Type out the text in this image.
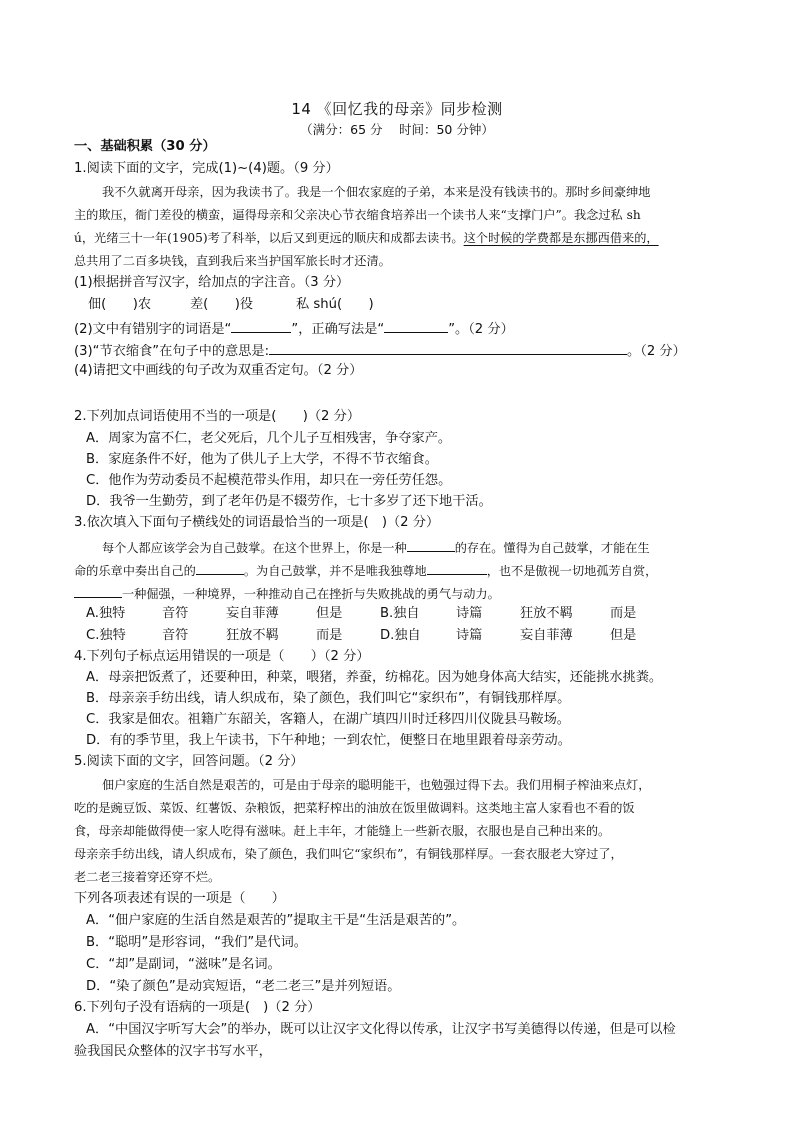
14 《回忆我的母亲》同步检测
（满分：65 分　 时间：50 分钟）
一、基础积累（30 分）
1.阅读下面的文字，完成(1)~(4)题。（9 分）
我不久就离开母亲，因为我读书了。我是一个佃农家庭的子弟，本来是没有钱读书的。那时乡间豪绅地
主的欺压，衙门差役的横蛮，逼得母亲和父亲决心节衣缩食培养出一个读书人来“支撑门户”。我念过私 sh
ú，光绪三十一年(1905)考了科举，以后又到更远的顺庆和成都去读书。这个时候的学费都是东挪西借来的，
总共用了二百多块钱，直到我后来当护国军旅长时才还清。
(1)根据拼音写汉字，给加点的字注音。（3 分）
佃(　　)农	差(　　)役	私 shú(　　)
(2)文中有错别字的词语是“	”，正确写法是“	”。（2 分）
(3)“节衣缩食”在句子中的意思是:	。（2 分）
(4)请把文中画线的句子改为双重否定句。（2 分）
2.下列加点词语使用不当的一项是(　　)（2 分）
A．周家为富不仁，老父死后，几个儿子互相残害，争夺家产。
B．家庭条件不好，他为了供儿子上大学，不得不节衣缩食。
C．他作为劳动委员不起模范带头作用，却只在一旁任劳任怨。
D．我爷一生勤劳，到了老年仍是不辍劳作，七十多岁了还下地干活。
3.依次填入下面句子横线处的词语最恰当的一项是(　)（2 分）
每个人都应该学会为自己鼓掌。在这个世界上，你是一种	的存在。懂得为自己鼓掌，才能在生
命的乐章中奏出自己的	。为自己鼓掌，并不是唯我独尊地	，也不是傲视一切地孤芳自赏，
一种倔强，一种境界，一种推动自己在挫折与失败挑战的勇气与动力。
A.独特	音符	妄自菲薄	但是	B.独自	诗篇	狂放不羁	而是
C.独特	音符	狂放不羁	而是	D.独自	诗篇	妄自菲薄	但是
4.下列句子标点运用错误的一项是（　　）（2 分）
A．母亲把饭煮了，还要种田，种菜，喂猪，养蚕，纺棉花。因为她身体高大结实，还能挑水挑粪。
B．母亲亲手纺出线，请人织成布，染了颜色，我们叫它“家织布”，有铜钱那样厚。
C．我家是佃农。祖籍广东韶关，客籍人，在湖广填四川时迁移四川仪陇县马鞍场。
D．有的季节里，我上午读书，下午种地；一到农忙，便整日在地里跟着母亲劳动。
5.阅读下面的文字，回答问题。（2 分）
佃户家庭的生活自然是艰苦的，可是由于母亲的聪明能干，也勉强过得下去。我们用桐子榨油来点灯，
吃的是豌豆饭、菜饭、红薯饭、杂粮饭，把菜籽榨出的油放在饭里做调料。这类地主富人家看也不看的饭
食，母亲却能做得使一家人吃得有滋味。赶上丰年，才能缝上一些新衣服，衣服也是自己种出来的。
母亲亲手纺出线，请人织成布，染了颜色，我们叫它“家织布”，有铜钱那样厚。一套衣服老大穿过了，
老二老三接着穿还穿不烂。
下列各项表述有误的一项是（　　）
A．“佃户家庭的生活自然是艰苦的”提取主干是“生活是艰苦的”。
B．“聪明”是形容词，“我们”是代词。
C．“却”是副词，“滋味”是名词。
D．“染了颜色”是动宾短语，“老二老三”是并列短语。
6.下列句子没有语病的一项是(　)（2 分）
A．“中国汉字听写大会”的举办，既可以让汉字文化得以传承，让汉字书写美德得以传递，但是可以检
验我国民众整体的汉字书写水平，
